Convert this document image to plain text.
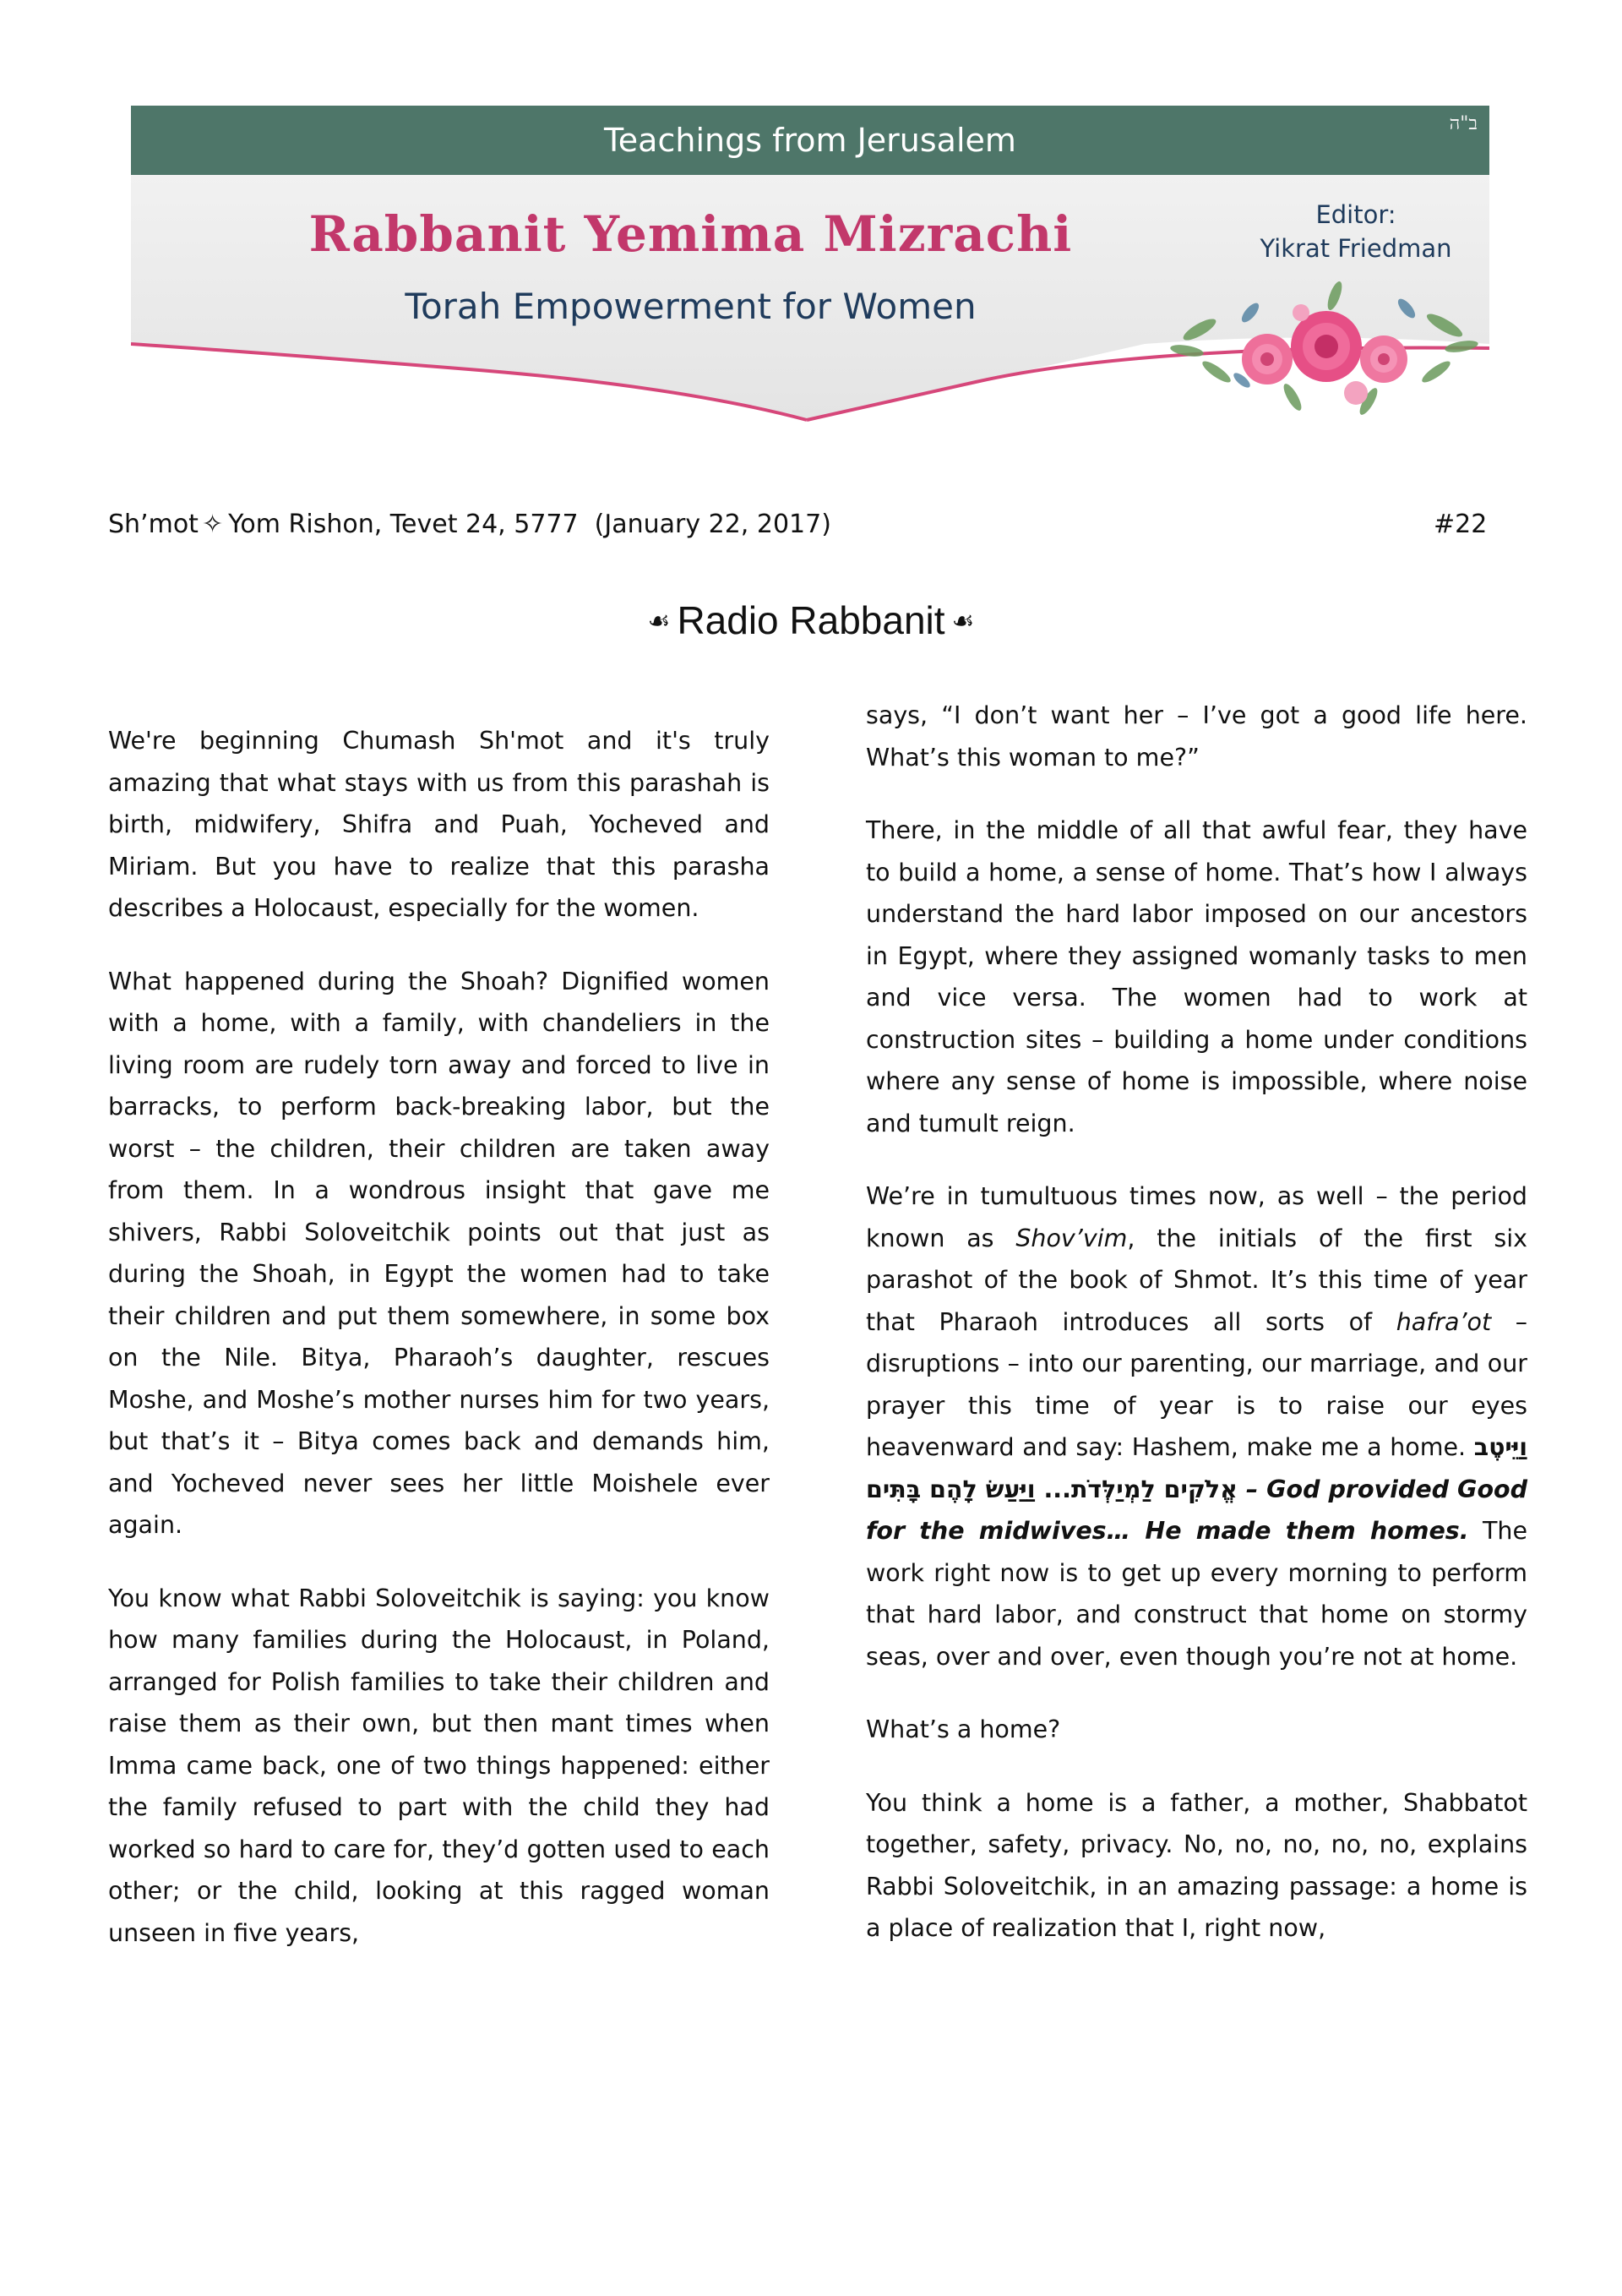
Teachings from Jerusalem	ב"ה
Rabbanit Yemima Mizrachi
Torah Empowerment for Women
Editor:
Yikrat Friedman
Sh’mot ✧ Yom Rishon, Tevet 24, 5777  (January 22, 2017)	#22
☙ Radio Rabbanit ☙

We're beginning Chumash Sh'mot and it's truly amazing that what stays with us from this parashah is birth, midwifery, Shifra and Puah, Yocheved and Miriam. But you have to realize that this parasha describes a Holocaust, especially for the women.

What happened during the Shoah? Dignified women with a home, with a family, with chandeliers in the living room are rudely torn away and forced to live in barracks, to perform back-breaking labor, but the worst – the children, their children are taken away from them. In a wondrous insight that gave me shivers, Rabbi Soloveitchik points out that just as during the Shoah, in Egypt the women had to take their children and put them somewhere, in some box on the Nile. Bitya, Pharaoh’s daughter, rescues Moshe, and Moshe’s mother nurses him for two years, but that’s it – Bitya comes back and demands him, and Yocheved never sees her little Moishele ever again.

You know what Rabbi Soloveitchik is saying: you know how many families during the Holocaust, in Poland, arranged for Polish families to take their children and raise them as their own, but then mant times when Imma came back, one of two things happened: either the family refused to part with the child they had worked so hard to care for, they’d gotten used to each other; or the child, looking at this ragged woman unseen in five years,

says, “I don’t want her – I’ve got a good life here. What’s this woman to me?”

There, in the middle of all that awful fear, they have to build a home, a sense of home. That’s how I always understand the hard labor imposed on our ancestors in Egypt, where they assigned womanly tasks to men and vice versa. The women had to work at construction sites – building a home under conditions where any sense of home is impossible, where noise and tumult reign.

We’re in tumultuous times now, as well – the period known as Shov’vim, the initials of the first six parashot of the book of Shmot. It’s this time of year that Pharaoh introduces all sorts of hafra’ot – disruptions – into our parenting, our marriage, and our prayer this time of year is to raise our eyes heavenward and say: Hashem, make me a home. וַיֵּיטֶב אֱלֹקִים לַמְיַלְּדֹת... וַיַּעַשׂ לָהֶם בָּתִּים – God provided Good for the midwives… He made them homes. The work right now is to get up every morning to perform that hard labor, and construct that home on stormy seas, over and over, even though you’re not at home.

What’s a home?

You think a home is a father, a mother, Shabbatot together, safety, privacy. No, no, no, no, no, explains Rabbi Soloveitchik, in an amazing passage: a home is a place of realization that I, right now,
